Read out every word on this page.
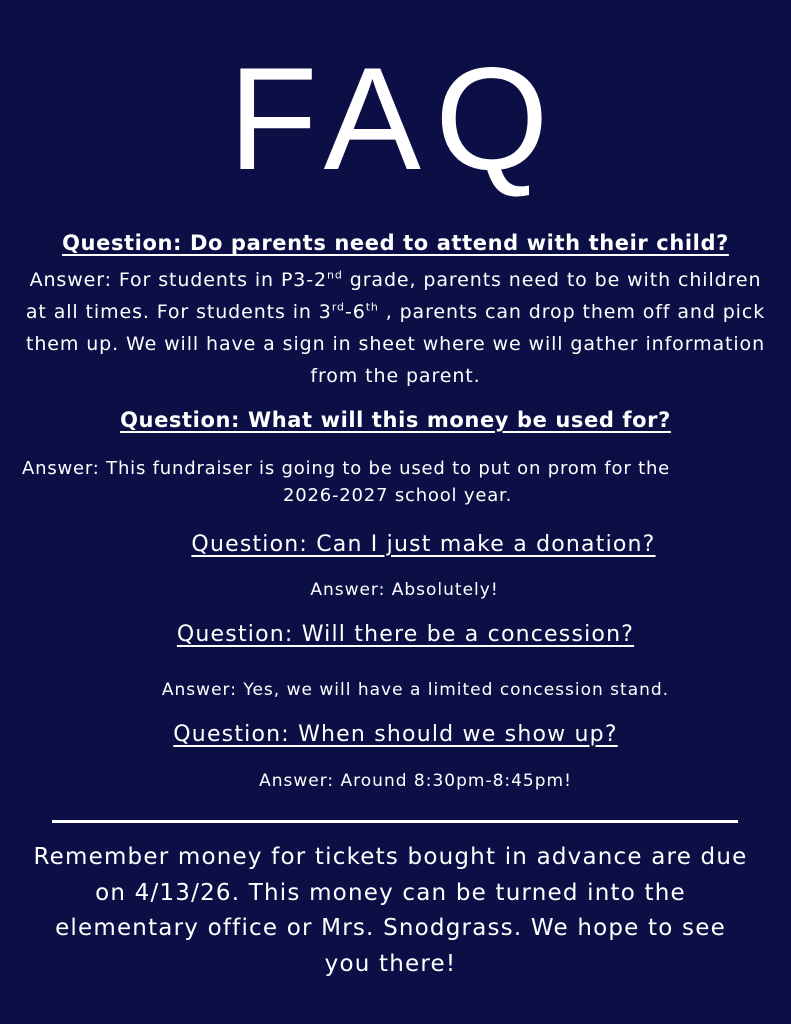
FAQ

Question: Do parents need to attend with their child?

Answer: For students in P3-2nd grade, parents need to be with children at all times. For students in 3rd-6th , parents can drop them off and pick them up. We will have a sign in sheet where we will gather information from the parent.

Question: What will this money be used for?

Answer: This fundraiser is going to be used to put on prom for the
2026-2027 school year.

Question: Can I just make a donation?

Answer: Absolutely!

Question: Will there be a concession?

Answer: Yes, we will have a limited concession stand.

Question: When should we show up?

Answer: Around 8:30pm-8:45pm!

Remember money for tickets bought in advance are due on 4/13/26. This money can be turned into the elementary office or Mrs. Snodgrass. We hope to see you there!
